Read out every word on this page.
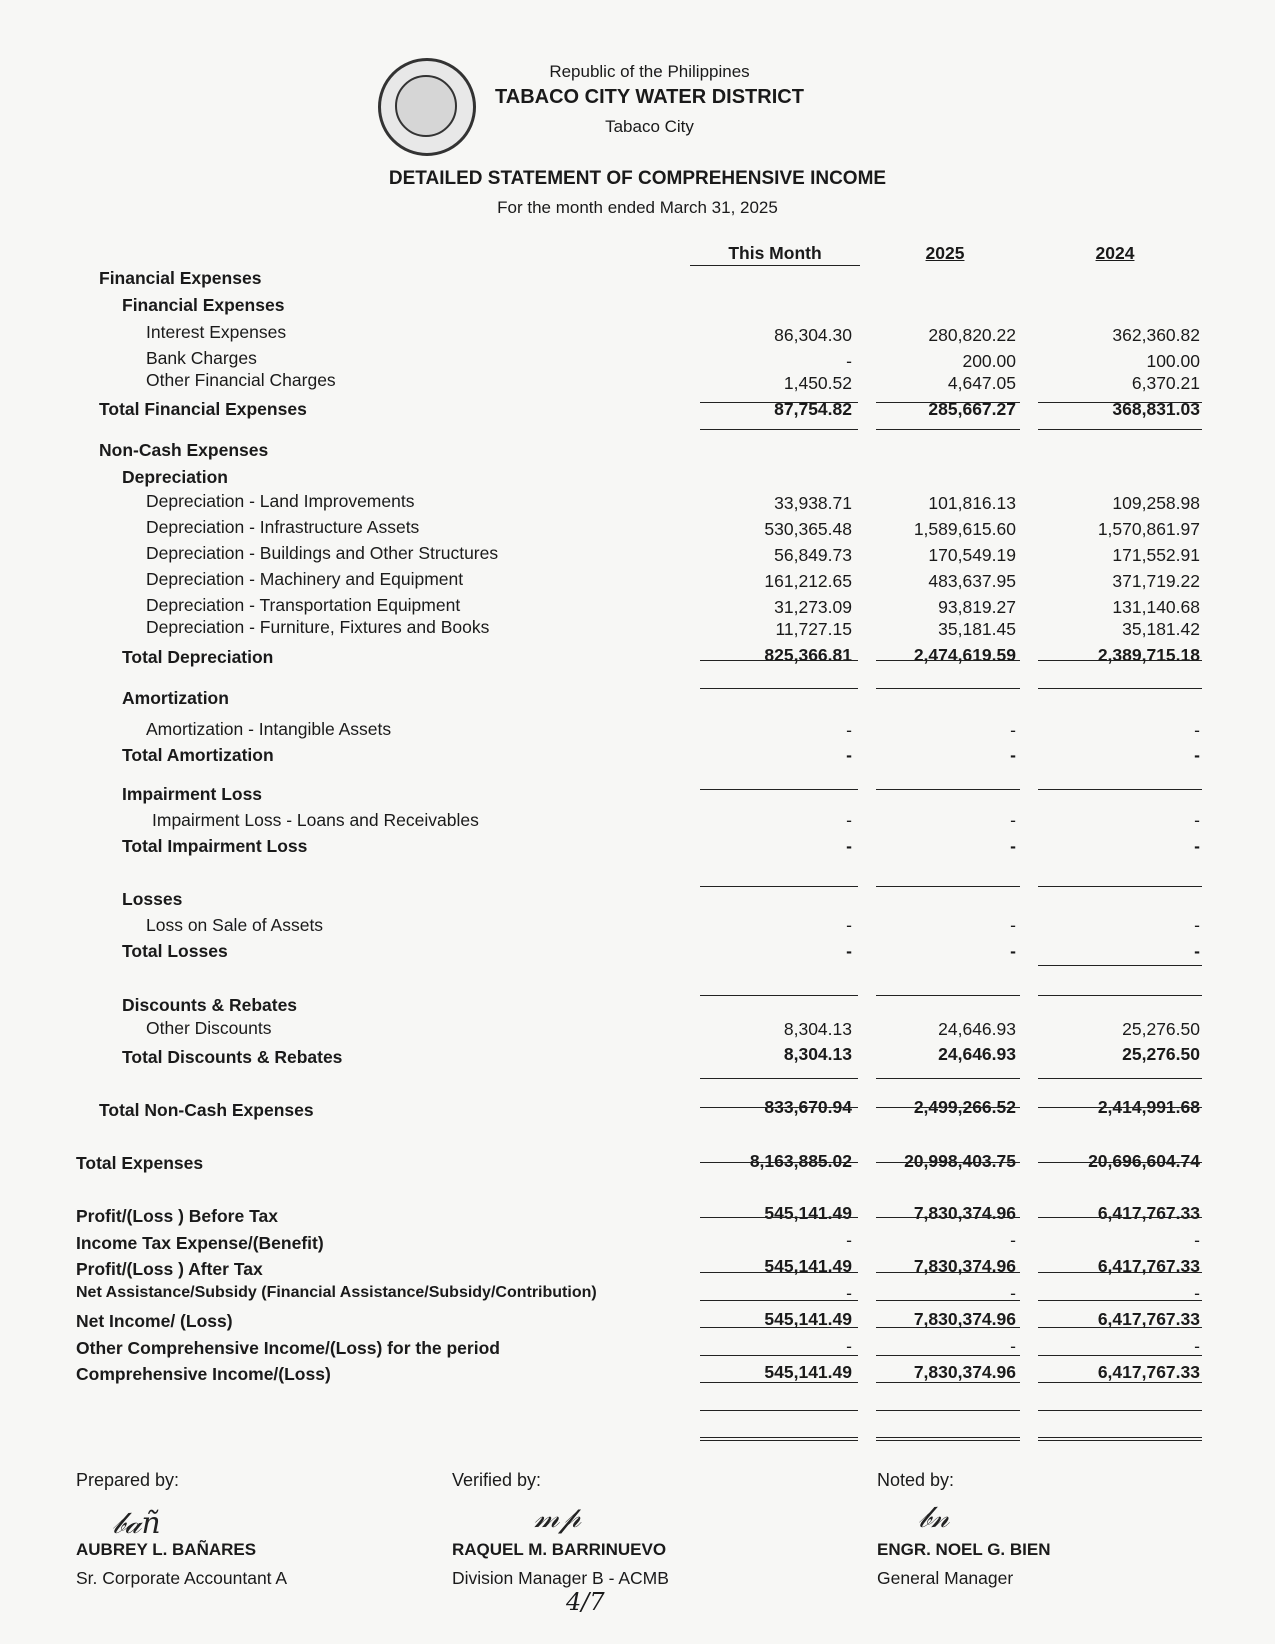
Republic of the Philippines
TABACO CITY WATER DISTRICT
Tabaco City
DETAILED STATEMENT OF COMPREHENSIVE INCOME
For the month ended March 31, 2025
This Month	2025	2024
Financial Expenses
Financial Expenses
Interest Expenses	86,304.30	280,820.22	362,360.82
Bank Charges	-	200.00	100.00
Other Financial Charges	1,450.52	4,647.05	6,370.21
Total Financial Expenses	87,754.82	285,667.27	368,831.03
Non-Cash Expenses
Depreciation
Depreciation - Land Improvements	33,938.71	101,816.13	109,258.98
Depreciation - Infrastructure Assets	530,365.48	1,589,615.60	1,570,861.97
Depreciation - Buildings and Other Structures	56,849.73	170,549.19	171,552.91
Depreciation - Machinery and Equipment	161,212.65	483,637.95	371,719.22
Depreciation - Transportation Equipment	31,273.09	93,819.27	131,140.68
Depreciation - Furniture, Fixtures and Books	11,727.15	35,181.45	35,181.42
Total Depreciation	825,366.81	2,474,619.59	2,389,715.18
Amortization
Amortization - Intangible Assets	-	-	-
Total Amortization	-	-	-
Impairment Loss
Impairment Loss - Loans and Receivables	-	-	-
Total Impairment Loss	-	-	-
Losses
Loss on Sale of Assets	-	-	-
Total Losses	-	-	-
Discounts & Rebates
Other Discounts	8,304.13	24,646.93	25,276.50
Total Discounts & Rebates	8,304.13	24,646.93	25,276.50
Total Non-Cash Expenses	833,670.94	2,499,266.52	2,414,991.68
Total Expenses	8,163,885.02	20,998,403.75	20,696,604.74
Profit/(Loss ) Before Tax	545,141.49	7,830,374.96	6,417,767.33
Income Tax Expense/(Benefit)	-	-	-
Profit/(Loss ) After Tax	545,141.49	7,830,374.96	6,417,767.33
Net Assistance/Subsidy (Financial Assistance/Subsidy/Contribution)	-	-	-
Net Income/ (Loss)	545,141.49	7,830,374.96	6,417,767.33
Other Comprehensive Income/(Loss) for the period	-	-	-
Comprehensive Income/(Loss)	545,141.49	7,830,374.96	6,417,767.33
Prepared by:	Verified by:	Noted by:
𝒷𝒶ñ	𝓂𝓅	𝒷𝓃
AUBREY L. BAÑARES	RAQUEL M. BARRINUEVO	ENGR. NOEL G. BIEN
Sr. Corporate Accountant A	Division Manager B - ACMB	General Manager
4/7
